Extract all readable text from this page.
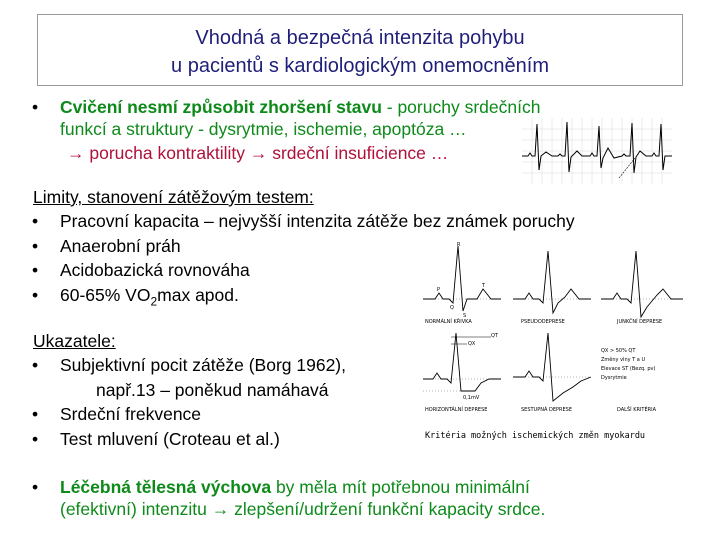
Vhodná a bezpečná intenzita pohybu
u pacientů s kardiologickým onemocněním
• Cvičení nesmí způsobit zhoršení stavu - poruchy srdečních
funkcí a struktury - dysrytmie, ischemie, apoptóza …
→ porucha kontraktility → srdeční insuficience …
Limity, stanovení zátěžovým testem:
• Pracovní kapacita – nejvyšší intenzita zátěže bez známek poruchy
• Anaerobní práh
• Acidobazická rovnováha
• 60-65% $VO_2\max$ apod.
Ukazatele:
• Subjektivní pocit zátěže (Borg 1962),
např.13 – poněkud namáhavá
• Srdeční frekvence
• Test mluvení (Croteau et al.)
R
P
Q
S
T
NORMÁLNÍ KŘIVKA	PSEUDODEPRESE	JUNKČNÍ DEPRESE
QT
QX
0,1mV
QX > 50% QT
Změny vlny T a U
Elevace ST (Bezq. pv)
Dysrytmie
HORIZONTÁLNÍ DEPRESE	SESTUPNÁ DEPRESE	DALŠÍ KRITÉRIA
Kritéria možných ischemických změn myokardu
• Léčebná tělesná výchova by měla mít potřebnou minimální
(efektivní) intenzitu → zlepšení/udržení funkční kapacity srdce.
